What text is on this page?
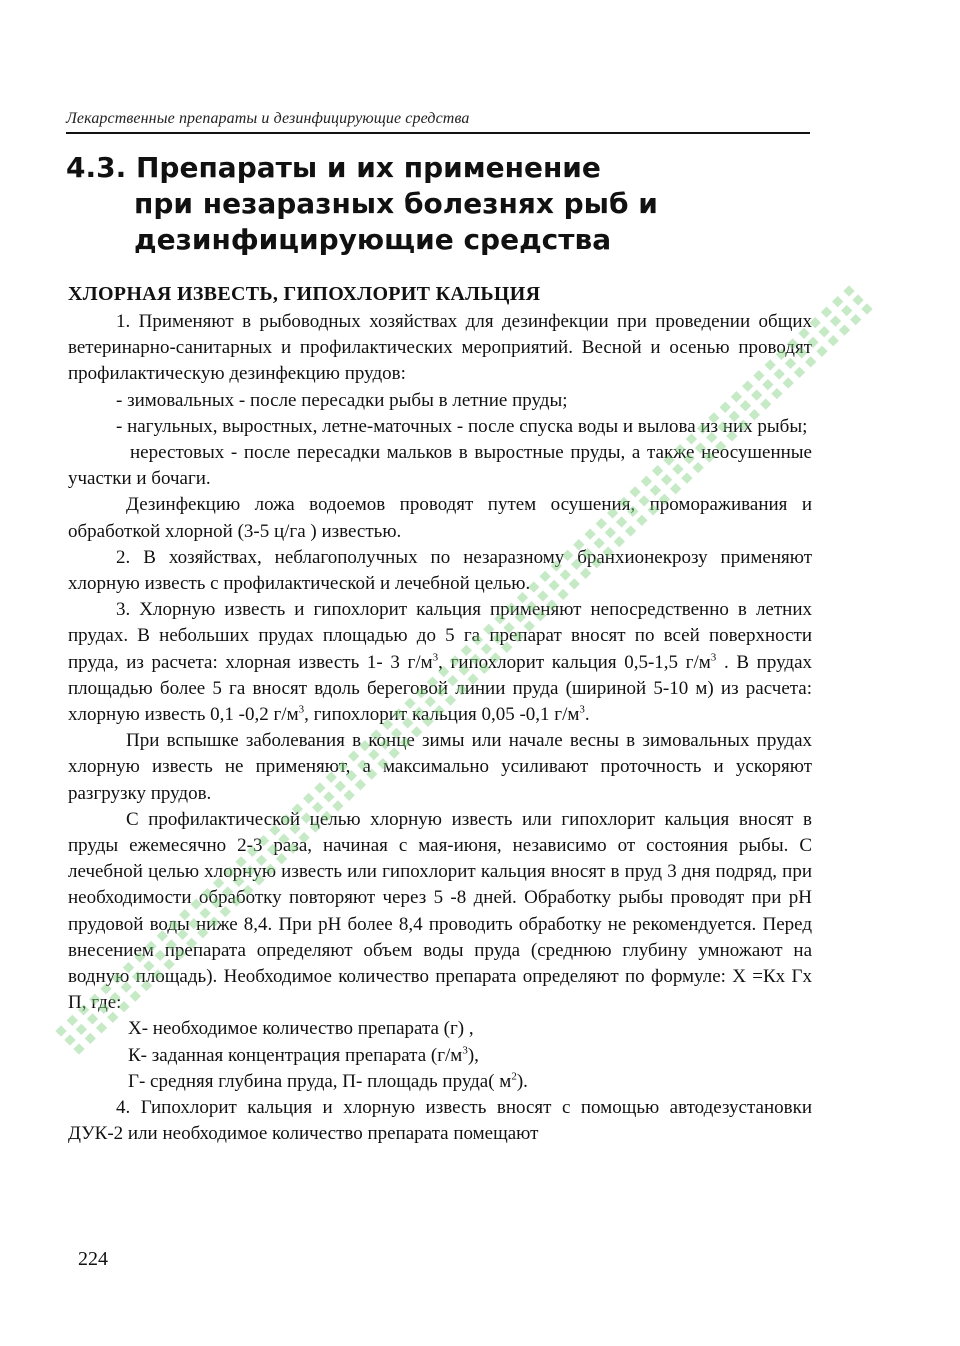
Лекарственные препараты и дезинфицирующие средства
4.3. Препараты и их применение
при незаразных болезнях рыб и
дезинфицирующие средства
ХЛОРНАЯ ИЗВЕСТЬ, ГИПОХЛОРИТ КАЛЬЦИЯ

1. Применяют в рыбоводных хозяйствах для дезинфекции при проведении общих ветеринарно-санитарных и профилактических мероприятий. Весной и осенью проводят профилактическую дезинфекцию прудов:

- зимовальных - после пересадки рыбы в летние пруды;

- нагульных, выростных, летне-маточных - после спуска воды и вылова из них рыбы;

нерестовых - после пересадки мальков в выростные пруды, а также неосушенные участки и бочаги.

Дезинфекцию ложа водоемов проводят путем осушения, проморaживания и обработкой хлорной (3-5 ц/га ) известью.

2. В хозяйствах, неблагополучных по незаразному бранхионекрозу применяют хлорную известь с профилактической и лечебной целью.

3. Хлорную известь и гипохлорит кальция применяют непосредственно в летних прудах. В небольших прудах площадью до 5 га препарат вносят по всей поверхности пруда, из расчета: хлорная известь 1- 3 $г/м^3$, гипохлорит кальция 0,5-1,5 $г/м^3$ . В прудах площадью более 5 га вносят вдоль береговой линии пруда (шириной 5-10 м) из расчета: хлорную известь 0,1 -0,2 $г/м^3$, гипохлорит кальция 0,05 -0,1 $г/м^3$.

При вспышке заболевания в конце зимы или начале весны в зимовальных прудах хлорную известь не применяют, а максимально усиливают проточность и ускоряют разгрузку прудов.

С профилактической целью хлорную известь или гипохлорит кальция вносят в пруды ежемесячно 2-3 раза, начиная с мая-июня, независимо от состояния рыбы. С лечебной целью хлорную известь или гипохлорит кальция вносят в пруд 3 дня подряд, при необходимости обработку повторяют через 5 -8 дней. Обработку рыбы проводят при рН прудовой воды ниже 8,4. При рН более 8,4 проводить обработку не рекомендуется. Перед внесением препарата определяют объем воды пруда (среднюю глубину умножают на водную площадь). Необходимое количество препарата определяют по формуле: Х =Кх Гх П, где:

Х- необходимое количество препарата (г) ,

К- заданная концентрация препарата $(г/м^3)$,

Г- средняя глубина пруда, П- площадь пруда( $м^2$).

4. Гипохлорит кальция и хлорную известь вносят с помощью автодезустановки ДУК-2 или необходимое количество препарата помещают

224
